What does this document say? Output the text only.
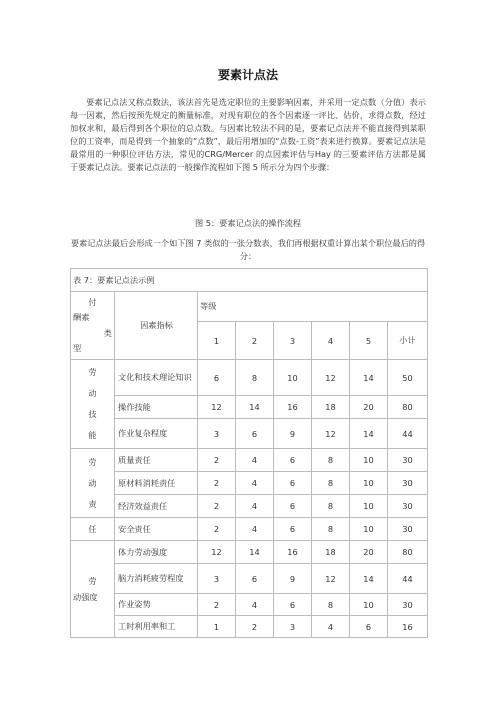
要素计点法
要素记点法又称点数法，该法首先是选定职位的主要影响因素，并采用一定点数（分值）表示每一因素，然后按预先规定的衡量标准，对现有职位的各个因素逐一评比、估价，求得点数，经过加权求和，最后得到各个职位的总点数。与因素比较法不同的是，要素记点法并不能直接得到某职位的工资率，而是得到一个抽象的“点数”，最后用增加的“点数-工资”表来进行换算。要素记点法是最常用的一种职位评估方法，常见的CRG/Mercer 的点因素评估与Hay 的三要素评估方法都是属于要素记点法。要素记点法的一般操作流程如下图 5 所示分为四个步骤：
图 5：要素记点法的操作流程
要素记点法最后会形成一个如下图 7 类似的一张分数表，我们再根据权重计算出某个职位最后的得分：
表 7：要素记点法示例							

付
酬素
类
型	因素指标	等级					
		1	2	3	4	5	小计

劳
动
技
能	文化和技术理论知识	6	8	10	12	14	50
	操作技能	12	14	16	18	20	80
	作业复杂程度	3	6	9	12	14	44

劳
动
责	质量责任	2	4	6	8	10	30
	原材料消耗责任	2	4	6	8	10	30
	经济效益责任	2	4	6	8	10	30

任	安全责任	2	4	6	8	10	30

劳
动强度	体力劳动强度	12	14	16	18	20	80
	脑力消耗疲劳程度	3	6	9	12	14	44
	作业姿势	2	4	6	8	10	30
	工时利用率和工	1	2	3	4	6	16
